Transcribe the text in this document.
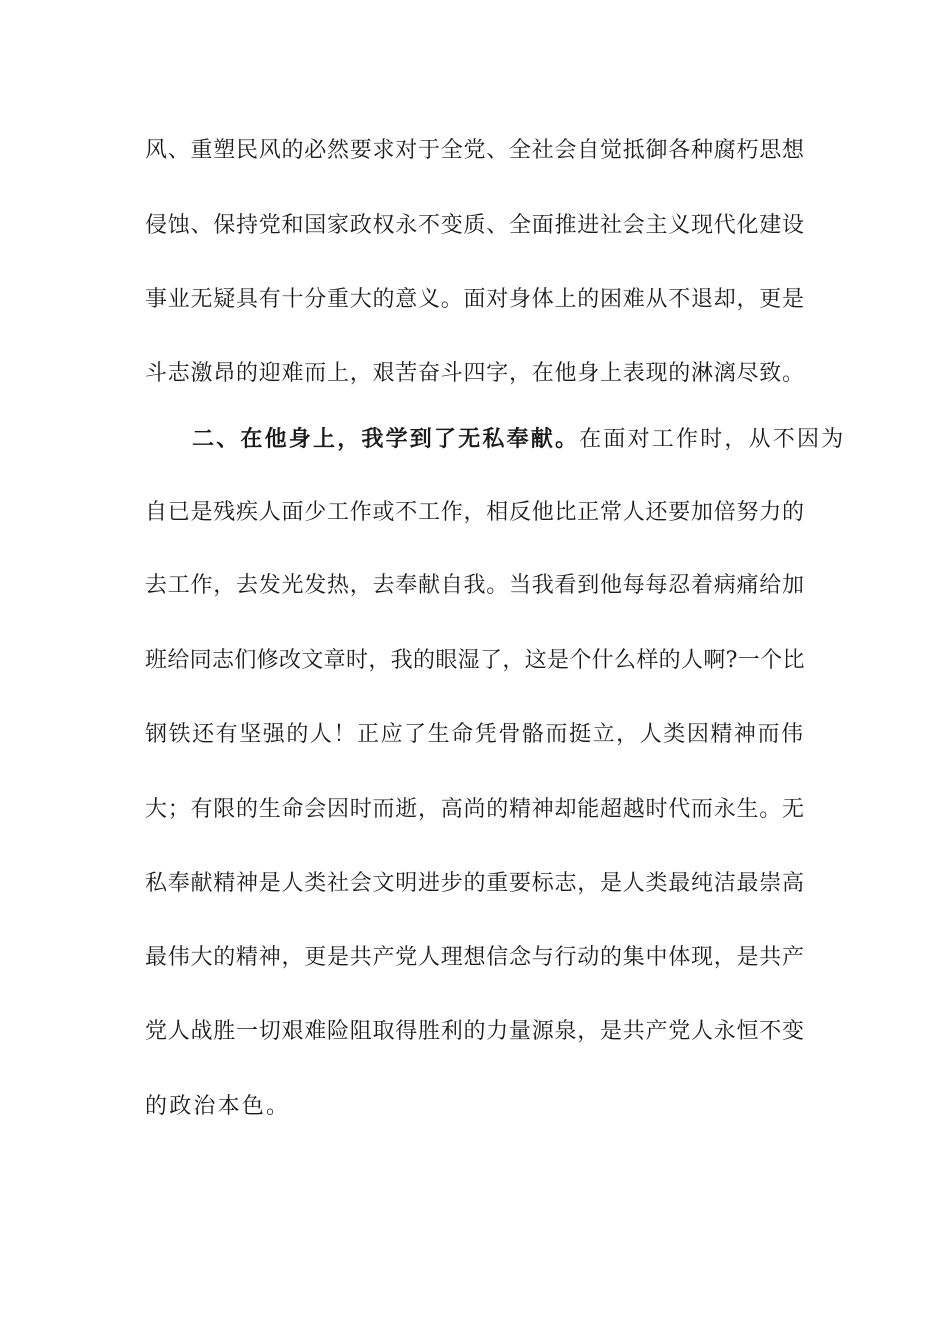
风、重塑民风的必然要求对于全党、全社会自觉抵御各种腐朽思想
侵蚀、保持党和国家政权永不变质、全面推进社会主义现代化建设
事业无疑具有十分重大的意义。面对身体上的困难从不退却，更是
斗志激昂的迎难而上，艰苦奋斗四字，在他身上表现的淋漓尽致。
二、在他身上，我学到了无私奉献。在面对工作时，从不因为
自已是残疾人面少工作或不工作，相反他比正常人还要加倍努力的
去工作，去发光发热，去奉献自我。当我看到他每每忍着病痛给加
班给同志们修改文章时，我的眼湿了，这是个什么样的人啊?一个比
钢铁还有坚强的人！正应了生命凭骨骼而挺立，人类因精神而伟
大；有限的生命会因时而逝，高尚的精神却能超越时代而永生。无
私奉献精神是人类社会文明进步的重要标志，是人类最纯洁最崇高
最伟大的精神，更是共产党人理想信念与行动的集中体现，是共产
党人战胜一切艰难险阻取得胜利的力量源泉，是共产党人永恒不变
的政治本色。
